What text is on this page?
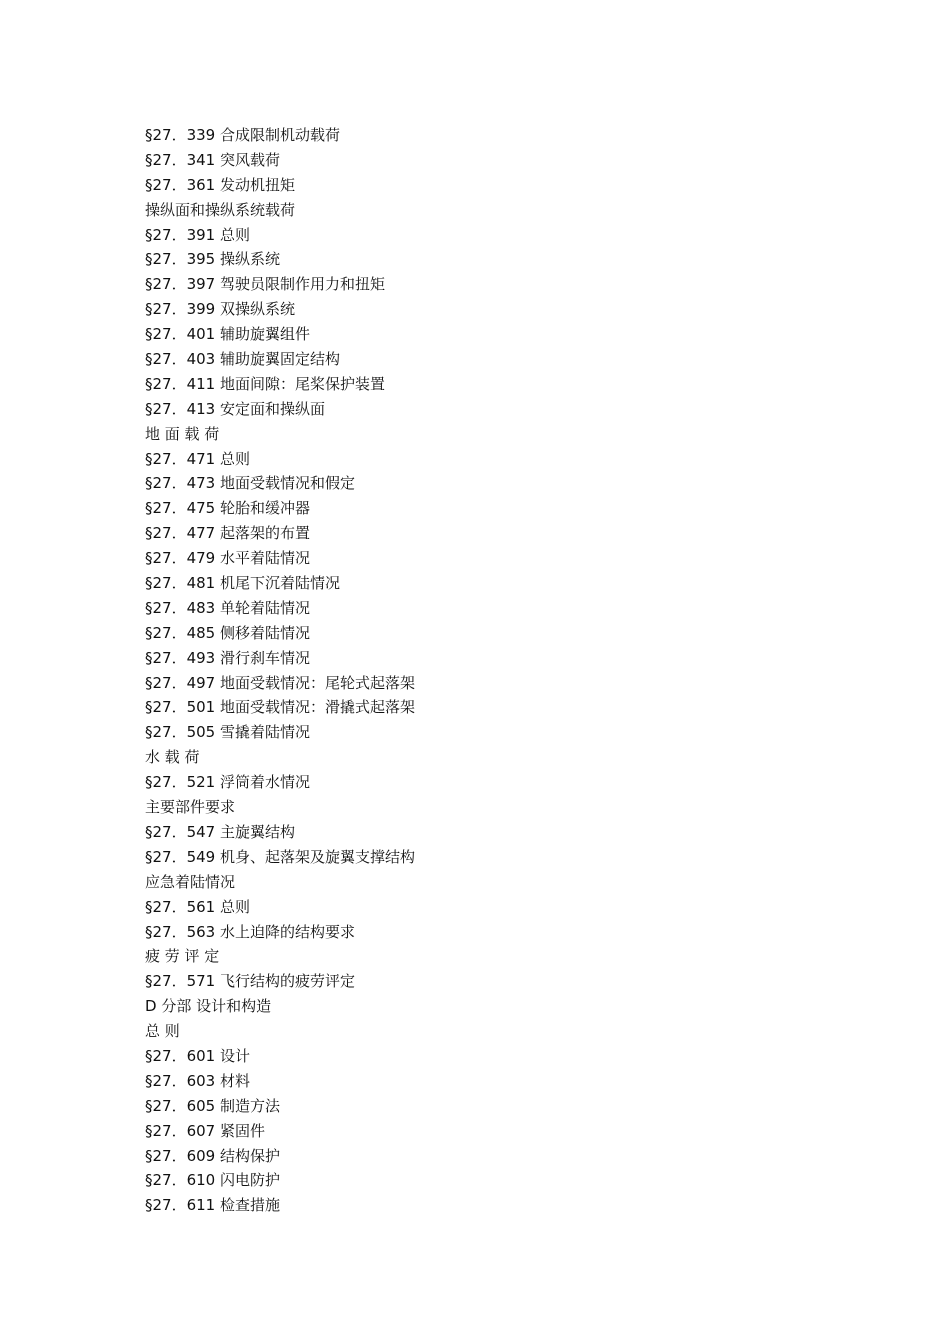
§27．339 合成限制机动载荷
§27．341 突风载荷
§27．361 发动机扭矩
操纵面和操纵系统载荷
§27．391 总则
§27．395 操纵系统
§27．397 驾驶员限制作用力和扭矩
§27．399 双操纵系统
§27．401 辅助旋翼组件
§27．403 辅助旋翼固定结构
§27．411 地面间隙：尾桨保护装置
§27．413 安定面和操纵面
地 面 载 荷
§27．471 总则
§27．473 地面受载情况和假定
§27．475 轮胎和缓冲器
§27．477 起落架的布置
§27．479 水平着陆情况
§27．481 机尾下沉着陆情况
§27．483 单轮着陆情况
§27．485 侧移着陆情况
§27．493 滑行刹车情况
§27．497 地面受载情况：尾轮式起落架
§27．501 地面受载情况：滑撬式起落架
§27．505 雪撬着陆情况
水 载 荷
§27．521 浮筒着水情况
主要部件要求
§27．547 主旋翼结构
§27．549 机身、起落架及旋翼支撑结构
应急着陆情况
§27．561 总则
§27．563 水上迫降的结构要求
疲 劳 评 定
§27．571 飞行结构的疲劳评定
D 分部 设计和构造
总 则
§27．601 设计
§27．603 材料
§27．605 制造方法
§27．607 紧固件
§27．609 结构保护
§27．610 闪电防护
§27．611 检查措施
